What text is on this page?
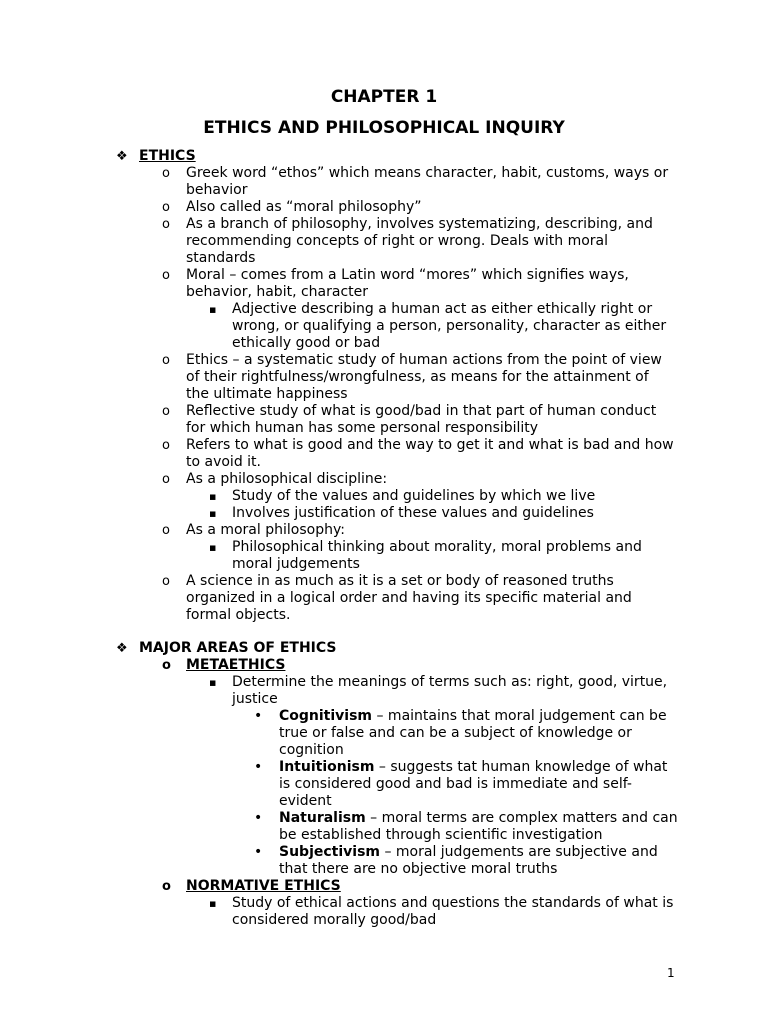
CHAPTER 1
ETHICS AND PHILOSOPHICAL INQUIRY
❖ ETHICS
o Greek word “ethos” which means character, habit, customs, ways or behavior
o Also called as “moral philosophy”
o As a branch of philosophy, involves systematizing, describing, and recommending concepts of right or wrong. Deals with moral standards
o Moral – comes from a Latin word “mores” which signifies ways, behavior, habit, character
▪ Adjective describing a human act as either ethically right or wrong, or qualifying a person, personality, character as either ethically good or bad
o Ethics – a systematic study of human actions from the point of view of their rightfulness/wrongfulness, as means for the attainment of the ultimate happiness
o Reflective study of what is good/bad in that part of human conduct for which human has some personal responsibility
o Refers to what is good and the way to get it and what is bad and how to avoid it.
o As a philosophical discipline:
▪ Study of the values and guidelines by which we live
▪ Involves justification of these values and guidelines
o As a moral philosophy:
▪ Philosophical thinking about morality, moral problems and moral judgements
o A science in as much as it is a set or body of reasoned truths organized in a logical order and having its specific material and formal objects.
❖ MAJOR AREAS OF ETHICS
o METAETHICS
▪ Determine the meanings of terms such as: right, good, virtue, justice
• Cognitivism – maintains that moral judgement can be true or false and can be a subject of knowledge or cognition
• Intuitionism – suggests tat human knowledge of what is considered good and bad is immediate and self-evident
• Naturalism – moral terms are complex matters and can be established through scientific investigation
• Subjectivism – moral judgements are subjective and that there are no objective moral truths
o NORMATIVE ETHICS
▪ Study of ethical actions and questions the standards of what is considered morally good/bad
1
